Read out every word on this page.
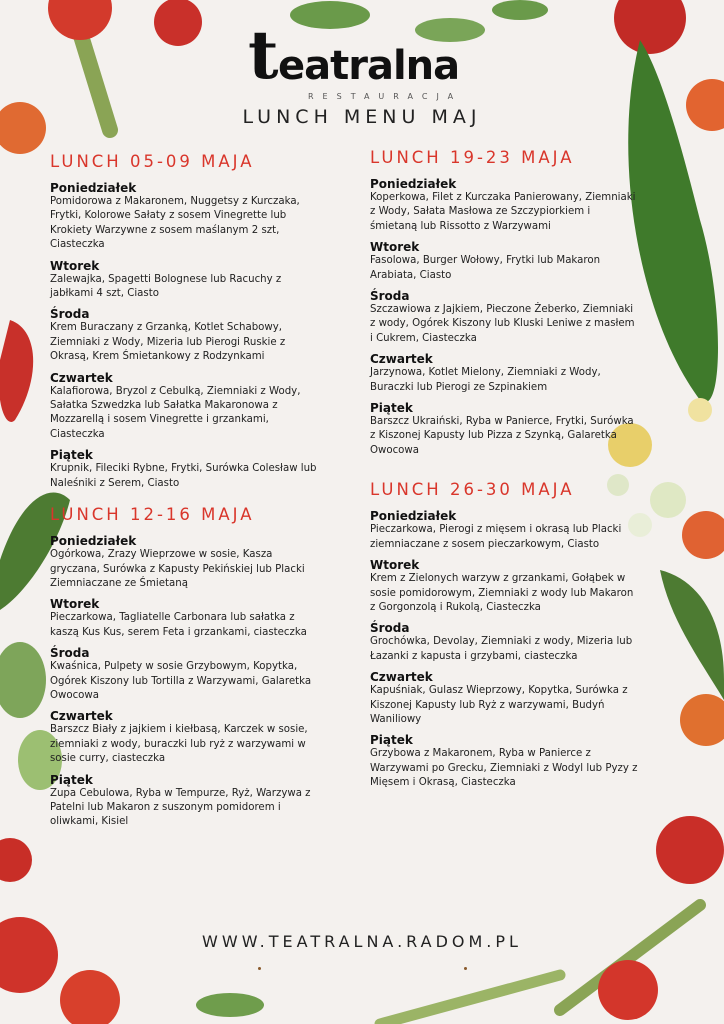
t eatralna
RESTAURACJA
LUNCH MENU MAJ
LUNCH 05-09 MAJA
Poniedziałek
Pomidorowa z Makaronem, Nuggetsy z Kurczaka, Frytki, Kolorowe Sałaty z sosem Vinegrette lub Krokiety Warzywne z sosem maślanym 2 szt, Ciasteczka
Wtorek
Zalewajka, Spagetti Bolognese lub Racuchy z jabłkami 4 szt, Ciasto
Środa
Krem Buraczany z Grzanką, Kotlet Schabowy, Ziemniaki z Wody, Mizeria lub Pierogi Ruskie z Okrasą, Krem Śmietankowy z Rodzynkami
Czwartek
Kalafiorowa, Bryzol z Cebulką, Ziemniaki z Wody, Sałatka Szwedzka lub Sałatka Makaronowa z Mozzarellą i sosem Vinegrette i grzankami, Ciasteczka
Piątek
Krupnik, Fileciki Rybne, Frytki, Surówka Colesław lub Naleśniki z Serem, Ciasto
LUNCH 12-16 MAJA
Poniedziałek
Ogórkowa, Zrazy Wieprzowe w sosie, Kasza gryczana, Surówka z Kapusty Pekińskiej lub Placki Ziemniaczane ze Śmietaną
Wtorek
Pieczarkowa, Tagliatelle Carbonara lub sałatka z kaszą Kus Kus, serem Feta i grzankami, ciasteczka
Środa
Kwaśnica, Pulpety w sosie Grzybowym, Kopytka, Ogórek Kiszony lub Tortilla z Warzywami, Galaretka Owocowa
Czwartek
Barszcz Biały z jajkiem i kiełbasą, Karczek w sosie, ziemniaki z wody, buraczki lub ryż z warzywami w sosie curry, ciasteczka
Piątek
Zupa Cebulowa, Ryba w Tempurze, Ryż, Warzywa z Patelni lub Makaron z suszonym pomidorem i oliwkami, Kisiel
LUNCH 19-23 MAJA
Poniedziałek
Koperkowa, Filet z Kurczaka Panierowany, Ziemniaki z Wody, Sałata Masłowa ze Szczypiorkiem i śmietaną lub Rissotto z Warzywami
Wtorek
Fasolowa, Burger Wołowy, Frytki lub Makaron Arabiata, Ciasto
Środa
Szczawiowa z Jajkiem, Pieczone Żeberko, Ziemniaki z wody, Ogórek Kiszony lub Kluski Leniwe z masłem i Cukrem, Ciasteczka
Czwartek
Jarzynowa, Kotlet Mielony, Ziemniaki z Wody, Buraczki lub Pierogi ze Szpinakiem
Piątek
Barszcz Ukraiński, Ryba w Panierce, Frytki, Surówka z Kiszonej Kapusty lub Pizza z Szynką, Galaretka Owocowa
LUNCH 26-30 MAJA
Poniedziałek
Pieczarkowa, Pierogi z mięsem i okrasą lub Placki ziemniaczane z sosem pieczarkowym, Ciasto
Wtorek
Krem z Zielonych warzyw z grzankami, Gołąbek w sosie pomidorowym, Ziemniaki z wody lub Makaron z Gorgonzolą i Rukolą, Ciasteczka
Środa
Grochówka, Devolay, Ziemniaki z wody, Mizeria lub Łazanki z kapusta i grzybami, ciasteczka
Czwartek
Kapuśniak, Gulasz Wieprzowy, Kopytka, Surówka z Kiszonej Kapusty lub Ryż z warzywami, Budyń Waniliowy
Piątek
Grzybowa z Makaronem, Ryba w Panierce z Warzywami po Grecku, Ziemniaki z Wodyl lub Pyzy z Mięsem i Okrasą, Ciasteczka
WWW.TEATRALNA.RADOM.PL
